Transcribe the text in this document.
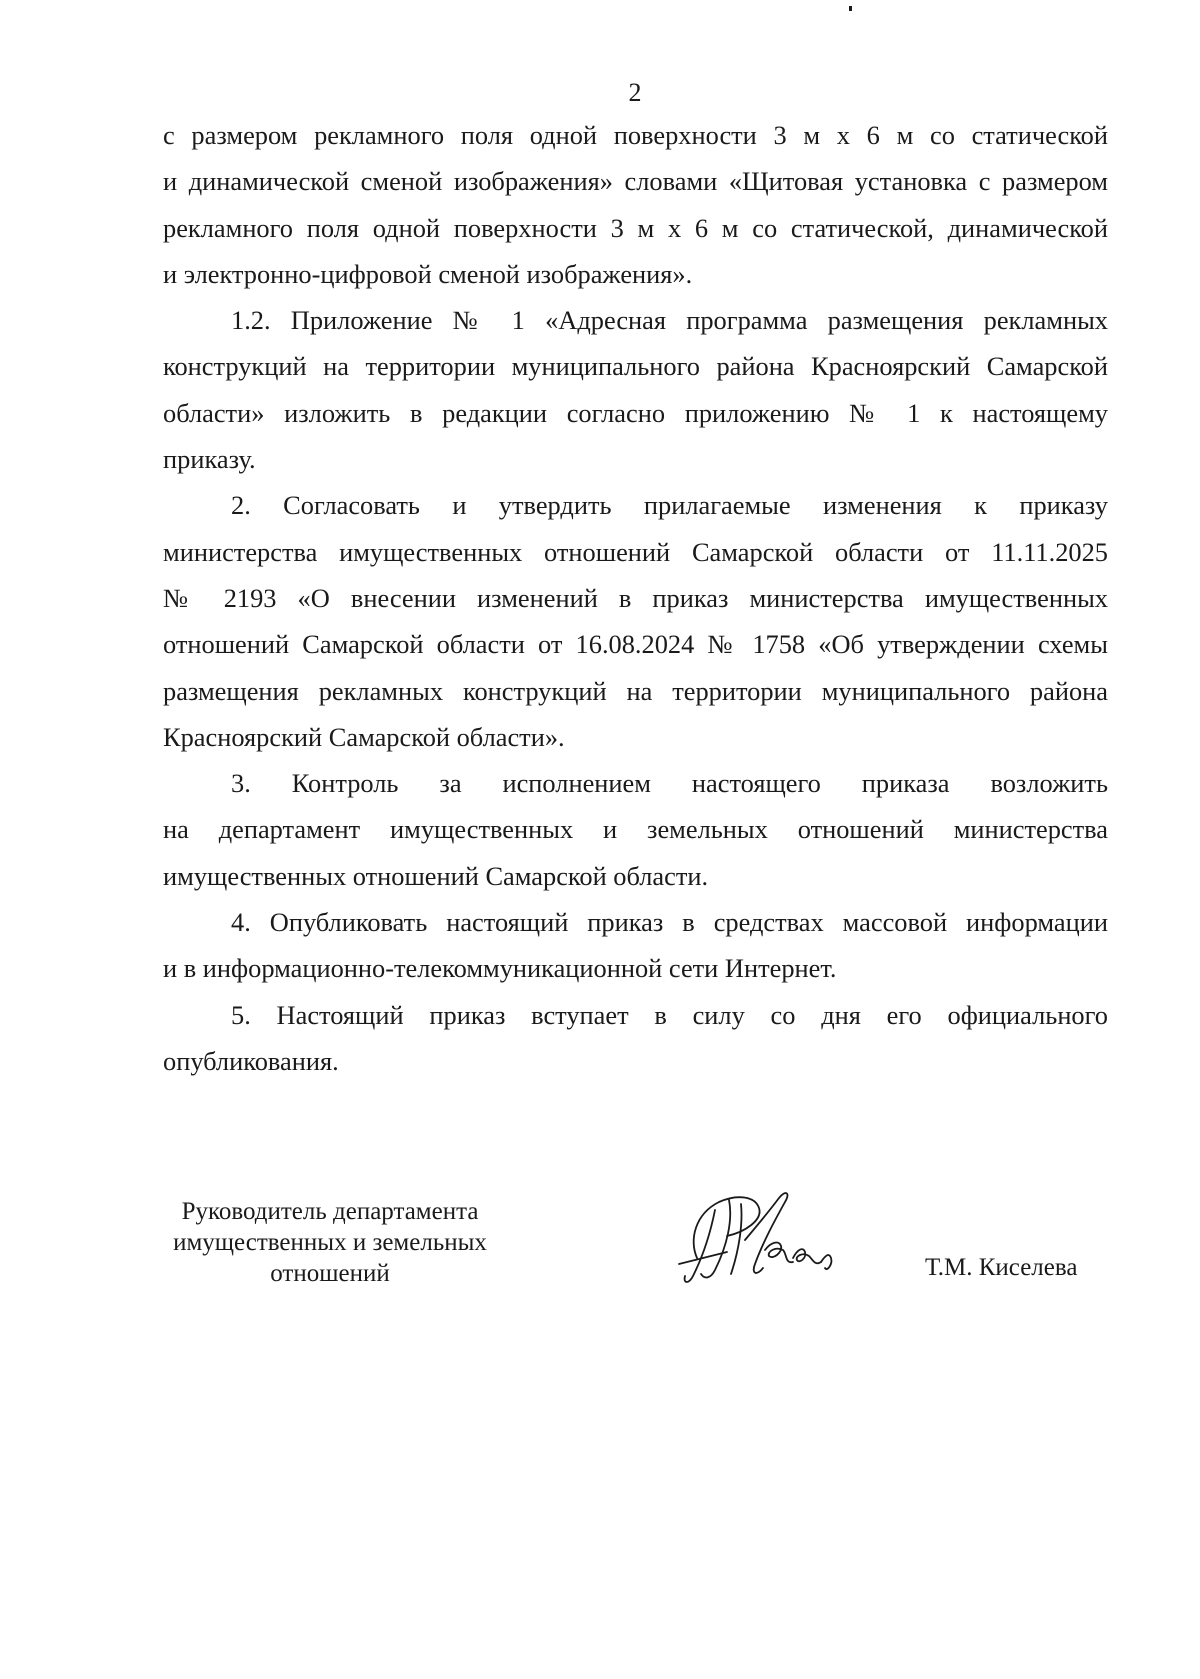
2
с размером рекламного поля одной поверхности 3 м х 6 м со статической
и динамической сменой изображения» словами «Щитовая установка с размером
рекламного поля одной поверхности 3 м х 6 м со статической, динамической
и электронно-цифровой сменой изображения».
1.2. Приложение № 1 «Адресная программа размещения рекламных
конструкций на территории муниципального района Красноярский Самарской
области» изложить в редакции согласно приложению № 1 к настоящему
приказу.
2. Согласовать и утвердить прилагаемые изменения к приказу
министерства имущественных отношений Самарской области от 11.11.2025
№ 2193 «О внесении изменений в приказ министерства имущественных
отношений Самарской области от 16.08.2024 № 1758 «Об утверждении схемы
размещения рекламных конструкций на территории муниципального района
Красноярский Самарской области».
3. Контроль за исполнением настоящего приказа возложить
на департамент имущественных и земельных отношений министерства
имущественных отношений Самарской области.
4. Опубликовать настоящий приказ в средствах массовой информации
и в информационно-телекоммуникационной сети Интернет.
5. Настоящий приказ вступает в силу со дня его официального
опубликования.
Руководитель департамента
имущественных и земельных
отношений	Т.М. Киселева
